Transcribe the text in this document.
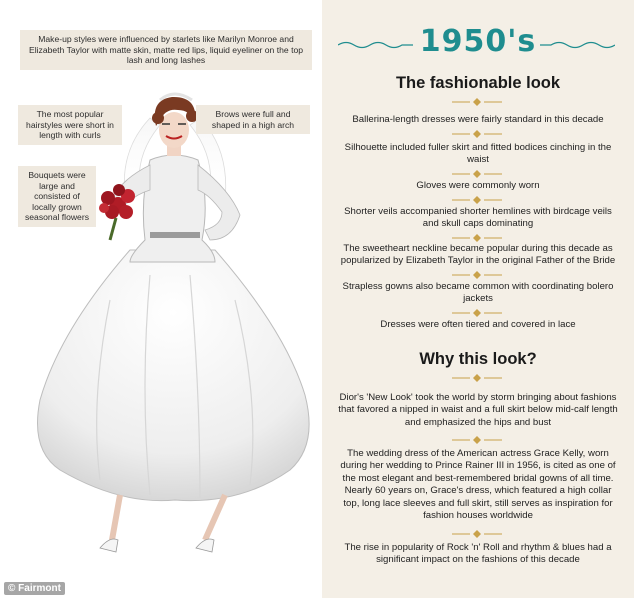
Make-up styles were influenced by starlets like Marilyn Monroe and Elizabeth Taylor with matte skin, matte red lips, liquid eyeliner on the top lash and long lashes
The most popular hairstyles were short in length with curls
Brows were full and shaped in a high arch
Bouquets were large and consisted of locally grown seasonal flowers
© Fairmont
1950's
The fashionable look
Ballerina-length dresses were fairly standard in this decade
Silhouette included fuller skirt and fitted bodices cinching in the waist
Gloves were commonly worn
Shorter veils accompanied shorter hemlines with birdcage veils and skull caps dominating
The sweetheart neckline became popular during this decade as popularized by Elizabeth Taylor in the original Father of the Bride
Strapless gowns also became common with coordinating bolero jackets
Dresses were often tiered and covered in lace
Why this look?
Dior's 'New Look' took the world by storm bringing about fashions that favored a nipped in waist and a full skirt below mid-calf length and emphasized the hips and bust
The wedding dress of the American actress Grace Kelly, worn during her wedding to Prince Rainer III in 1956, is cited as one of the most elegant and best-remembered bridal gowns of all time. Nearly 60 years on, Grace's dress, which featured a high collar top, long lace sleeves and full skirt, still serves as inspiration for fashion houses worldwide
The rise in popularity of Rock 'n' Roll and rhythm & blues had a significant impact on the fashions of this decade
